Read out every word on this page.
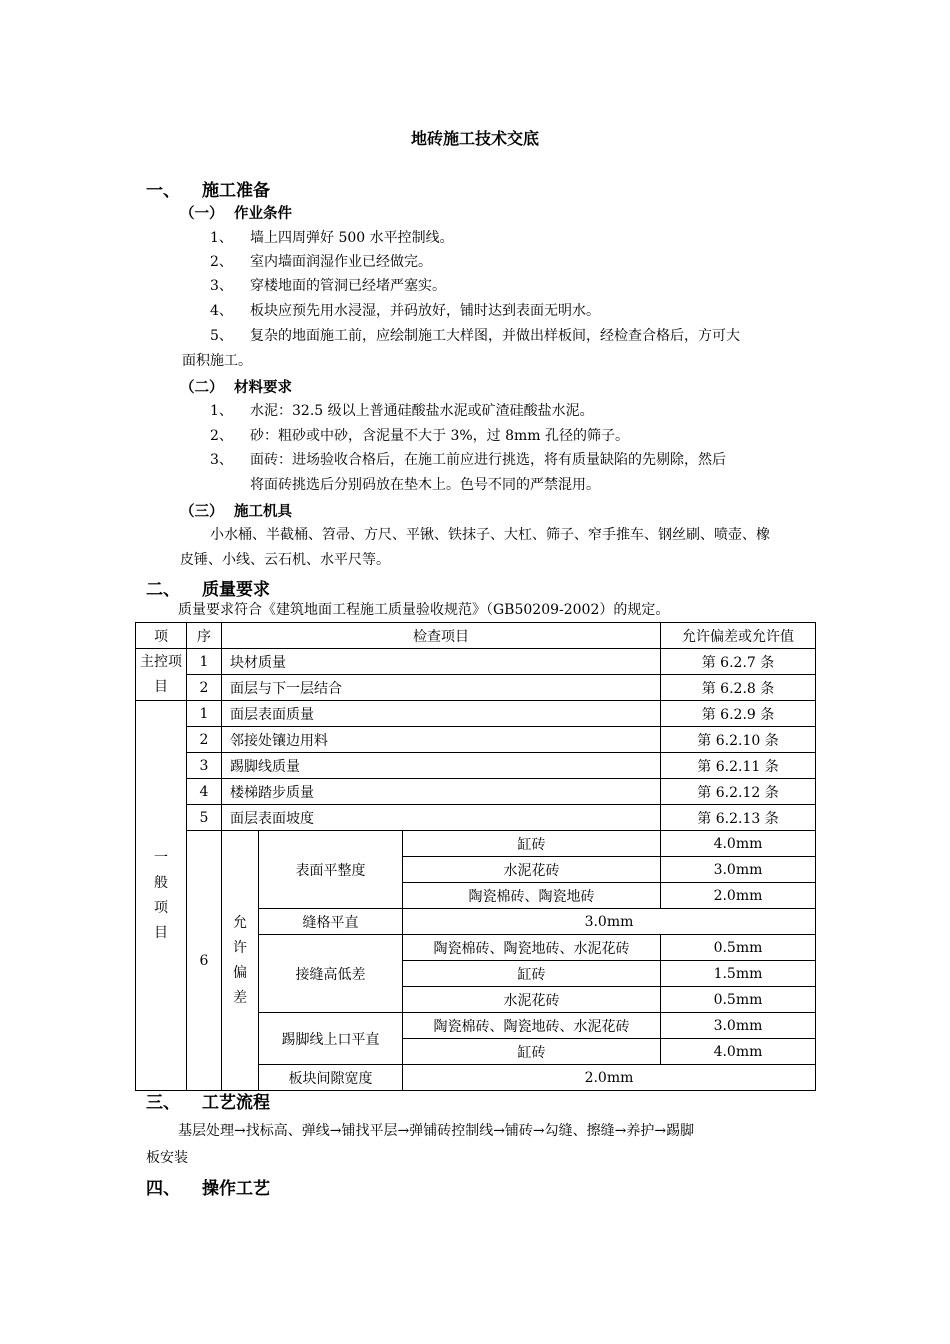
地砖施工技术交底
一、 施工准备
（一） 作业条件
1、 墙上四周弹好 500 水平控制线。
2、 室内墙面润湿作业已经做完。
3、 穿楼地面的管洞已经堵严塞实。
4、 板块应预先用水浸湿，并码放好，铺时达到表面无明水。
5、 复杂的地面施工前，应绘制施工大样图，并做出样板间，经检查合格后，方可大
面积施工。
（二） 材料要求
1、 水泥：32.5 级以上普通硅酸盐水泥或矿渣硅酸盐水泥。
2、 砂：粗砂或中砂，含泥量不大于 3%，过 8mm 孔径的筛子。
3、 面砖：进场验收合格后，在施工前应进行挑选，将有质量缺陷的先剔除，然后
将面砖挑选后分别码放在垫木上。色号不同的严禁混用。
（三） 施工机具
小水桶、半截桶、笤帚、方尺、平锹、铁抹子、大杠、筛子、窄手推车、钢丝刷、喷壶、橡
皮锤、小线、云石机、水平尺等。
二、 质量要求
质量要求符合《建筑地面工程施工质量验收规范》（GB50209-2002）的规定。
项	序	检查项目			允许偏差或允许值
主控项目	1	块材质量			第 6.2.7 条
	2	面层与下一层结合			第 6.2.8 条

一般项目	1	面层表面质量			第 6.2.9 条
	2	邻接处镶边用料			第 6.2.10 条
	3	踢脚线质量			第 6.2.11 条
	4	楼梯踏步质量			第 6.2.12 条
	5	面层表面坡度			第 6.2.13 条
	6	允许偏差	表面平整度	缸砖	4.0mm
				水泥花砖	3.0mm
				陶瓷棉砖、陶瓷地砖	2.0mm
			缝格平直	3.0mm	
			接缝高低差	陶瓷棉砖、陶瓷地砖、水泥花砖	0.5mm
				缸砖	1.5mm
				水泥花砖	0.5mm
			踢脚线上口平直	陶瓷棉砖、陶瓷地砖、水泥花砖	3.0mm
				缸砖	4.0mm
			板块间隙宽度	2.0mm	
三、 工艺流程
基层处理→找标高、弹线→铺找平层→弹铺砖控制线→铺砖→勾缝、擦缝→养护→踢脚
板安装
四、 操作工艺
